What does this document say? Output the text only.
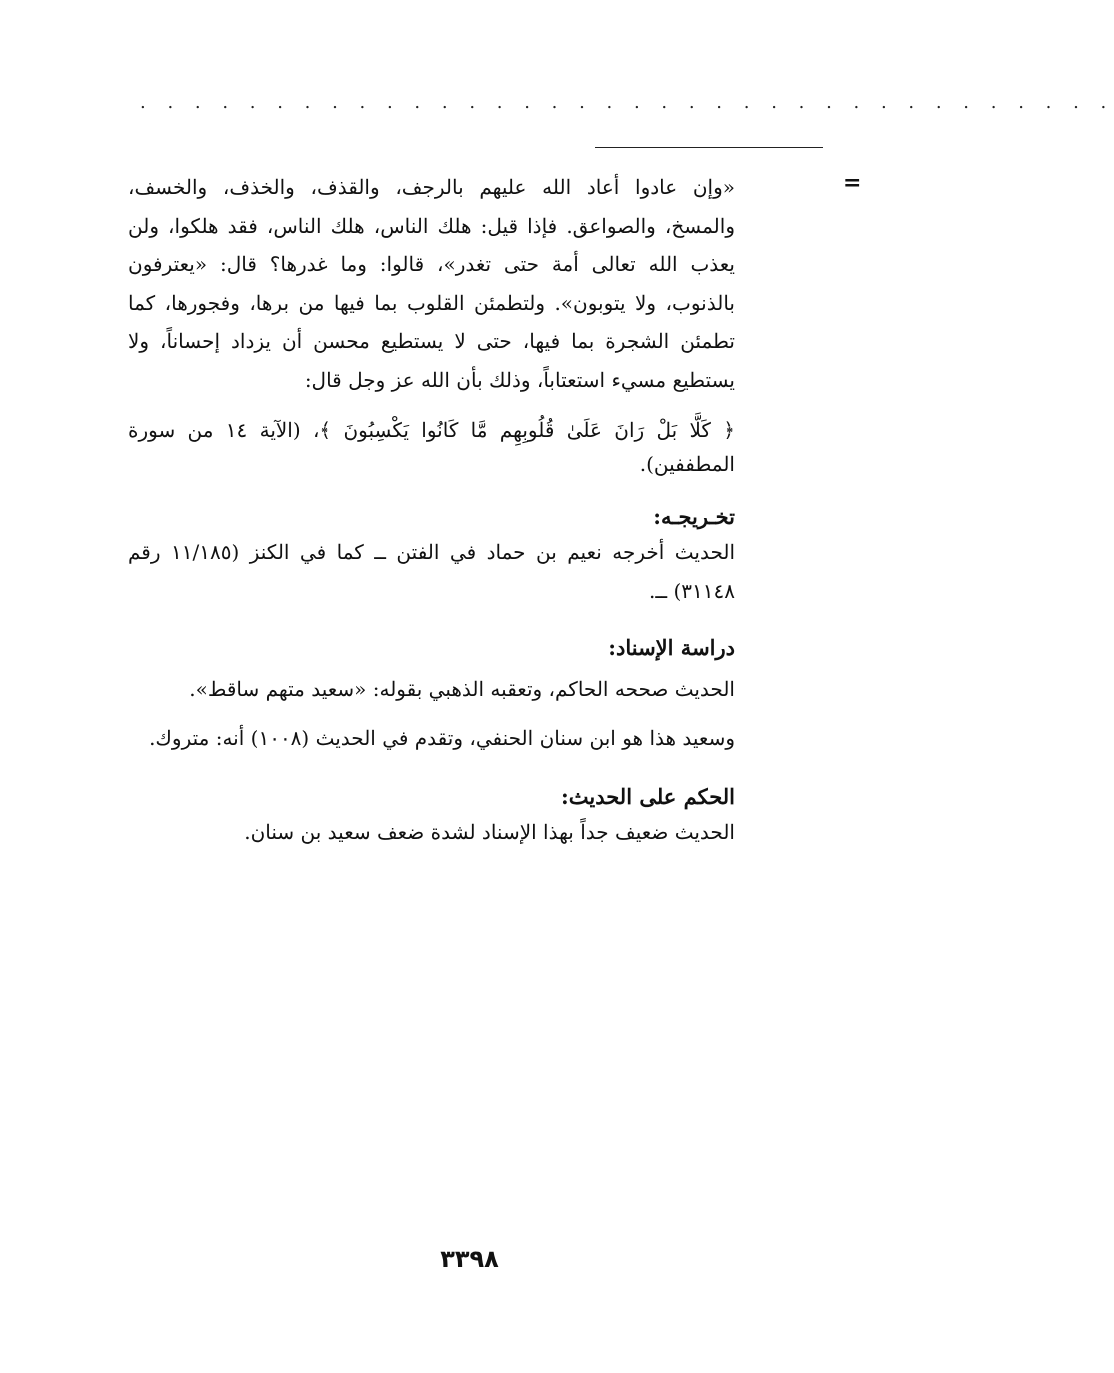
. . . . . . . . . . . . . . . . . . . . . . . . . . . . . . . . . . . .
=

«وإن عادوا أعاد الله عليهم بالرجف، والقذف، والخذف، والخسف، والمسخ، والصواعق. فإذا قيل: هلك الناس، هلك الناس، فقد هلكوا، ولن يعذب الله تعالى أمة حتى تغدر»، قالوا: وما غدرها؟ قال: «يعترفون بالذنوب، ولا يتوبون». ولتطمئن القلوب بما فيها من برها، وفجورها، كما تطمئن الشجرة بما فيها، حتى لا يستطيع محسن أن يزداد إحساناً، ولا يستطيع مسيء استعتاباً، وذلك بأن الله عز وجل قال:

﴿ كَلَّا بَلْ رَانَ عَلَىٰ قُلُوبِهِم مَّا كَانُوا يَكْسِبُونَ ﴾، (الآية ١٤ من سورة المطففين).

تخـريجـه:

الحديث أخرجه نعيم بن حماد في الفتن ــ كما في الكنز (١١/١٨٥ رقم ٣١١٤٨) ــ.

دراسة الإسناد:

الحديث صححه الحاكم، وتعقبه الذهبي بقوله: «سعيد متهم ساقط».

وسعيد هذا هو ابن سنان الحنفي، وتقدم في الحديث (١٠٠٨) أنه: متروك.

الحكم على الحديث:

الحديث ضعيف جداً بهذا الإسناد لشدة ضعف سعيد بن سنان.

٣٣٩٨
